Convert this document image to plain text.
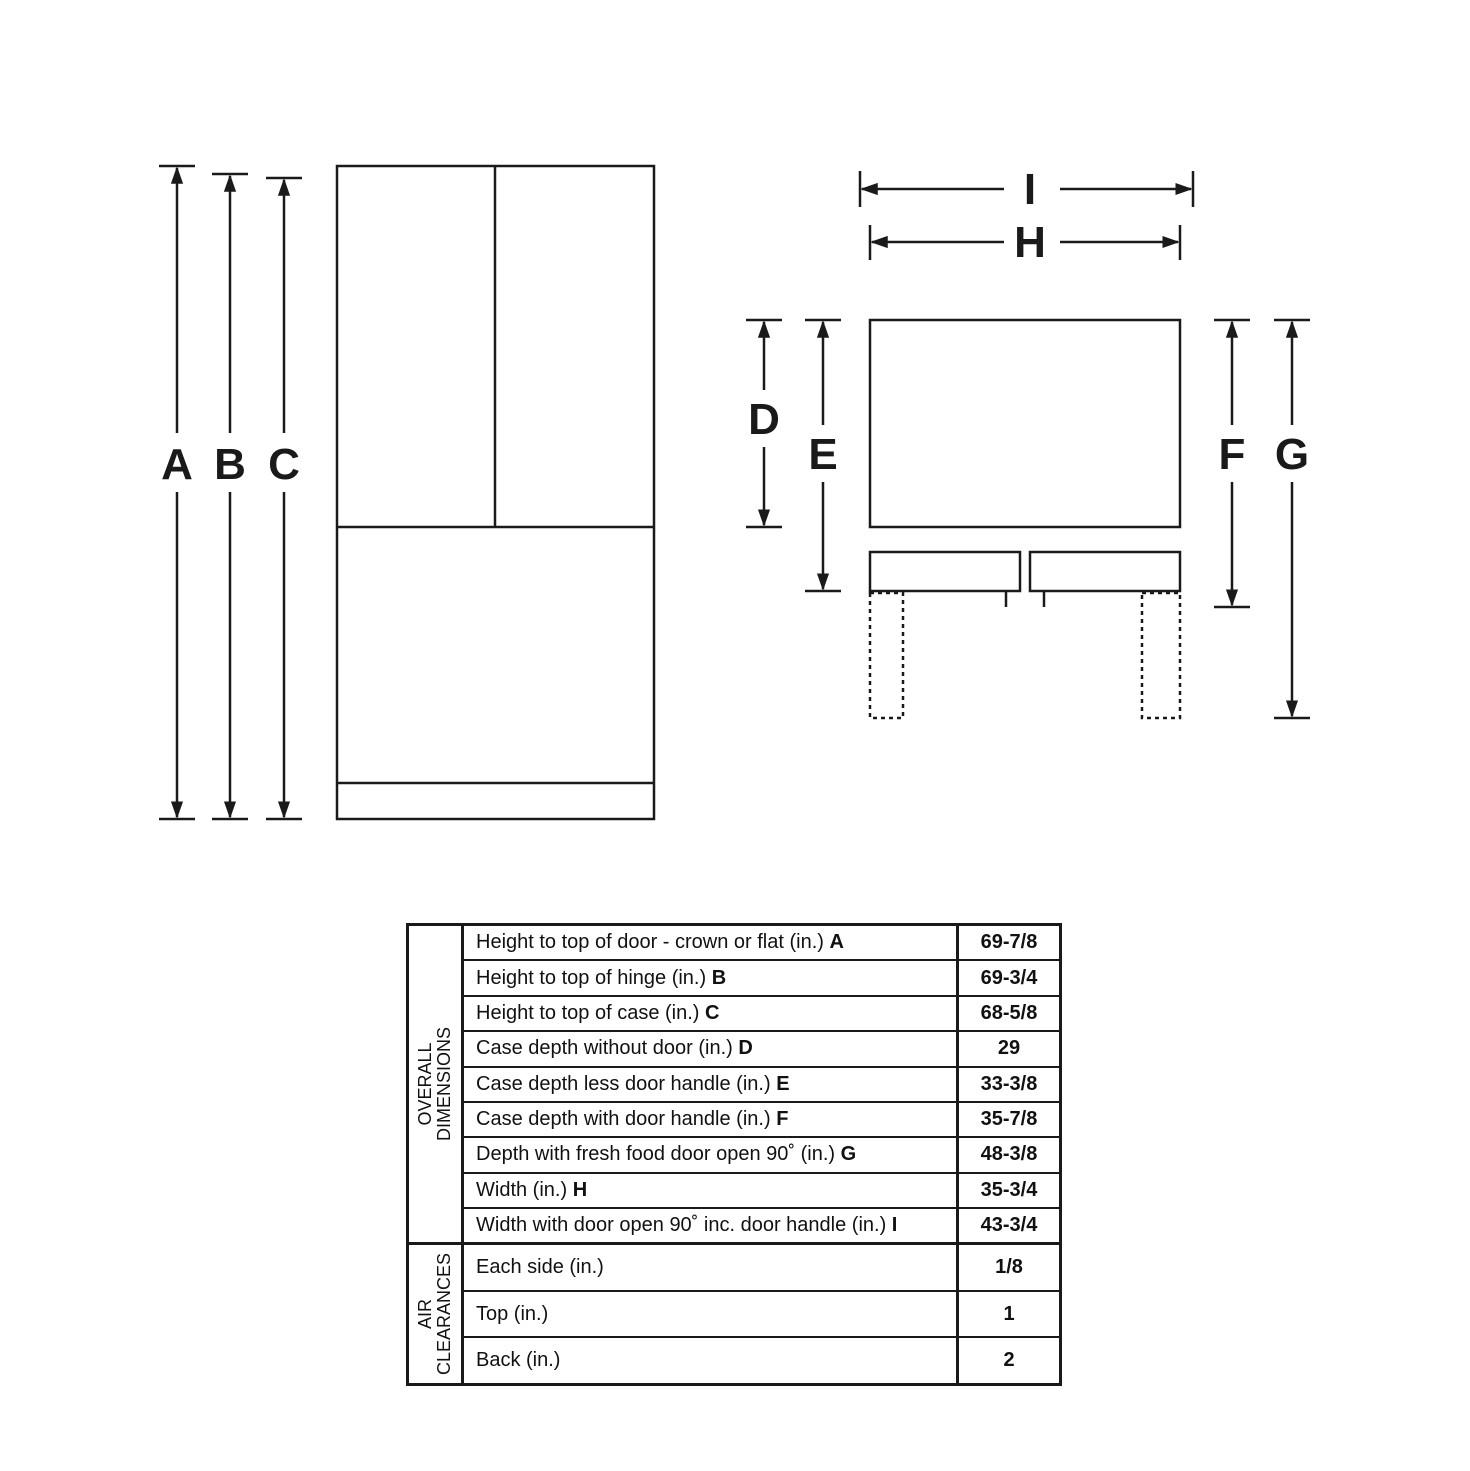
A B C
I
H
D
E	F G
OVERALL DIMENSIONS	Height to top of door - crown or flat (in.) A	69-7/8
	Height to top of hinge (in.) B	69-3/4
	Height to top of case (in.) C	68-5/8
	Case depth without door (in.) D	29
	Case depth less door handle (in.) E	33-3/8
	Case depth with door handle (in.) F	35-7/8
	Depth with fresh food door open 90˚ (in.) G	48-3/8
	Width (in.) H	35-3/4
	Width with door open 90˚ inc. door handle (in.) I	43-3/4

AIR CLEARANCES	Each side (in.)	1/8
	Top (in.)	1
	Back (in.)	2
